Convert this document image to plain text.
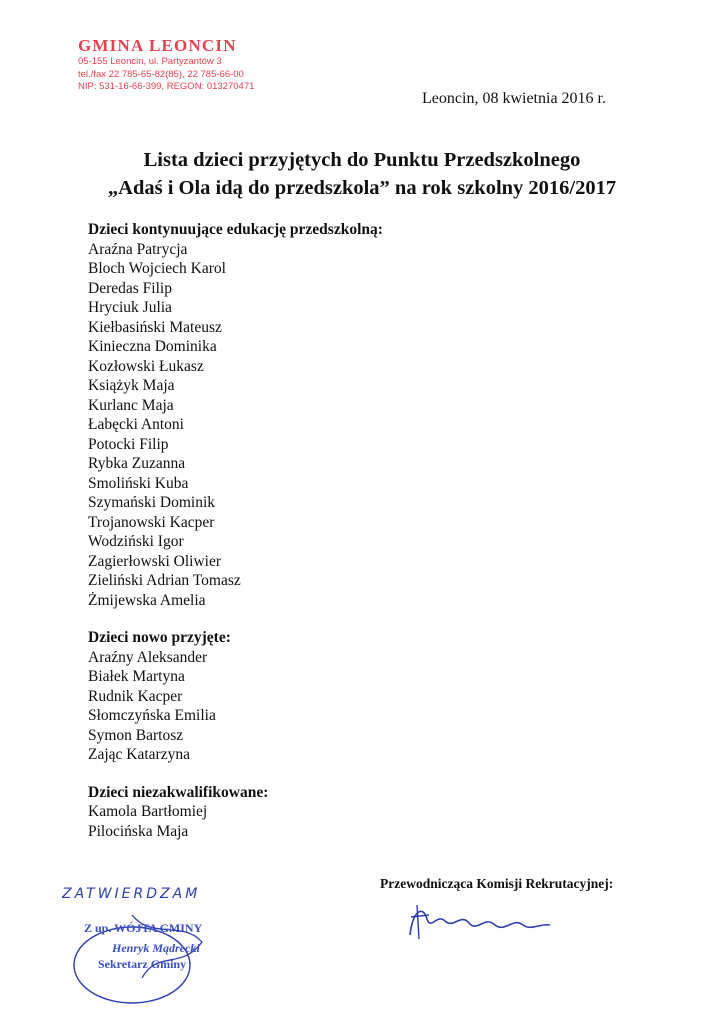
GMINA LEONCIN
05-155 Leoncin, ul. Partyzantów 3
tel./fax 22 785-65-82(85), 22 785-66-00
NIP: 531-16-66-399, REGON: 013270471
Leoncin, 08 kwietnia 2016 r.
Lista dzieci przyjętych do Punktu Przedszkolnego
„Adaś i Ola idą do przedszkola” na rok szkolny 2016/2017
Dzieci kontynuujące edukację przedszkolną:
Araźna Patrycja
Bloch Wojciech Karol
Deredas Filip
Hryciuk Julia
Kiełbasiński Mateusz
Kinieczna Dominika
Kozłowski Łukasz
Książyk Maja
Kurlanc Maja
Łabęcki Antoni
Potocki Filip
Rybka Zuzanna
Smoliński Kuba
Szymański Dominik
Trojanowski Kacper
Wodziński Igor
Zagierłowski Oliwier
Zieliński Adrian Tomasz
Żmijewska Amelia
Dzieci nowo przyjęte:
Araźny Aleksander
Białek Martyna
Rudnik Kacper
Słomczyńska Emilia
Symon Bartosz
Zając Katarzyna
Dzieci niezakwalifikowane:
Kamola Bartłomiej
Pilocińska Maja
ZATWIERDZAM
Z up. WÓJTA GMINY
Henryk Mądrecki
Sekretarz Gminy
Przewodnicząca Komisji Rekrutacyjnej:
